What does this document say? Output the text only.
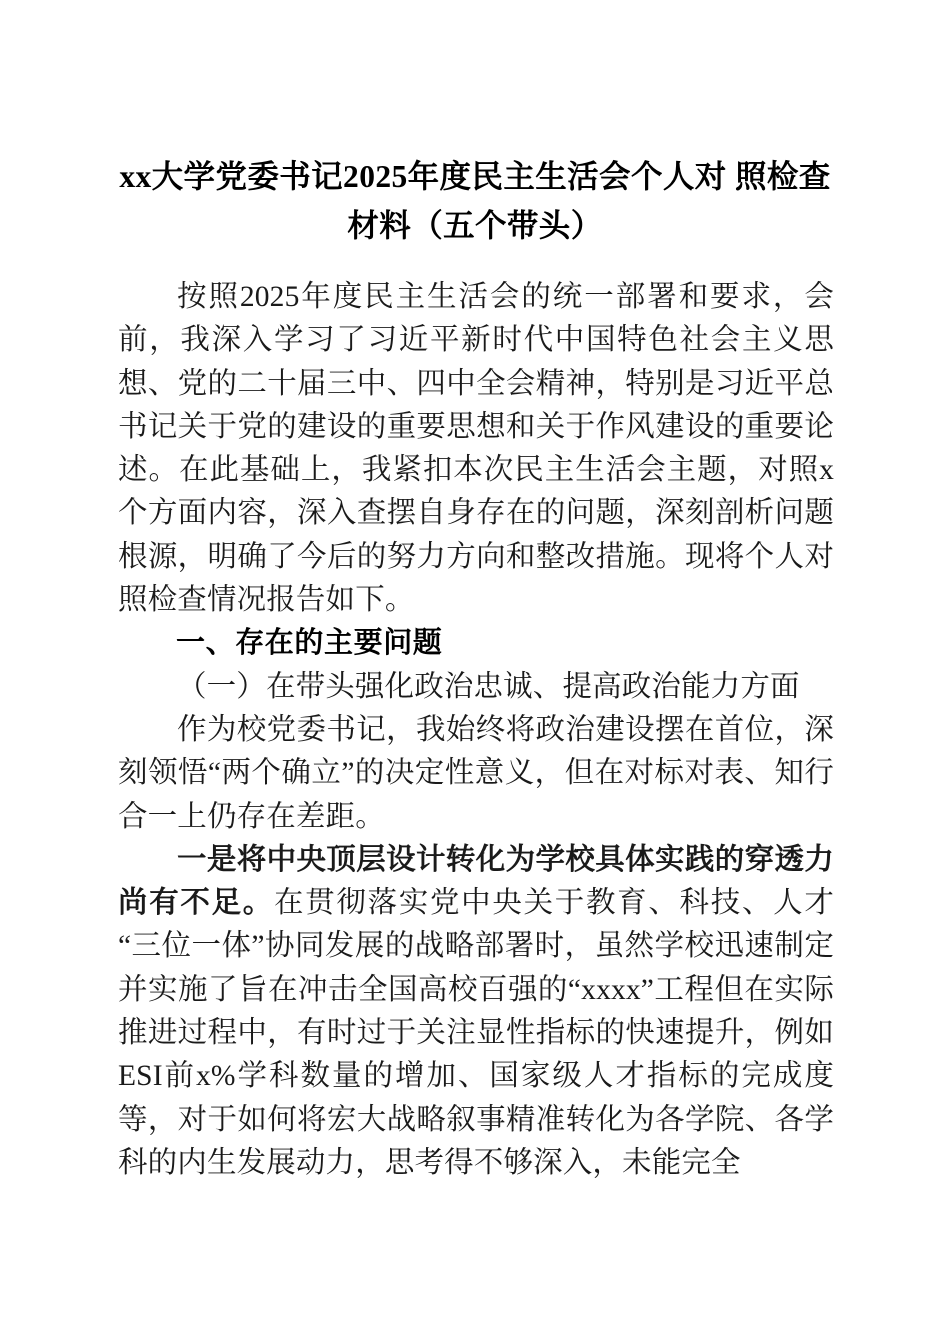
xx大学党委书记2025年度民主生活会个人对 照检查材料（五个带头）

按照2025年度民主生活会的统一部署和要求，会前，我深入学习了习近平新时代中国特色社会主义思想、党的二十届三中、四中全会精神，特别是习近平总书记关于党的建设的重要思想和关于作风建设的重要论述。在此基础上，我紧扣本次民主生活会主题，对照x个方面内容，深入查摆自身存在的问题，深刻剖析问题根源，明确了今后的努力方向和整改措施。现将个人对照检查情况报告如下。

一、存在的主要问题

（一）在带头强化政治忠诚、提高政治能力方面

作为校党委书记，我始终将政治建设摆在首位，深刻领悟“两个确立”的决定性意义，但在对标对表、知行合一上仍存在差距。

一是将中央顶层设计转化为学校具体实践的穿透力尚有不足。在贯彻落实党中央关于教育、科技、人才“三位一体”协同发展的战略部署时，虽然学校迅速制定并实施了旨在冲击全国高校百强的“xxxx”工程但在实际推进过程中，有时过于关注显性指标的快速提升，例如ESI前x%学科数量的增加、国家级人才指标的完成度等，对于如何将宏大战略叙事精准转化为各学院、各学科的内生发展动力，思考得不够深入，未能完全
